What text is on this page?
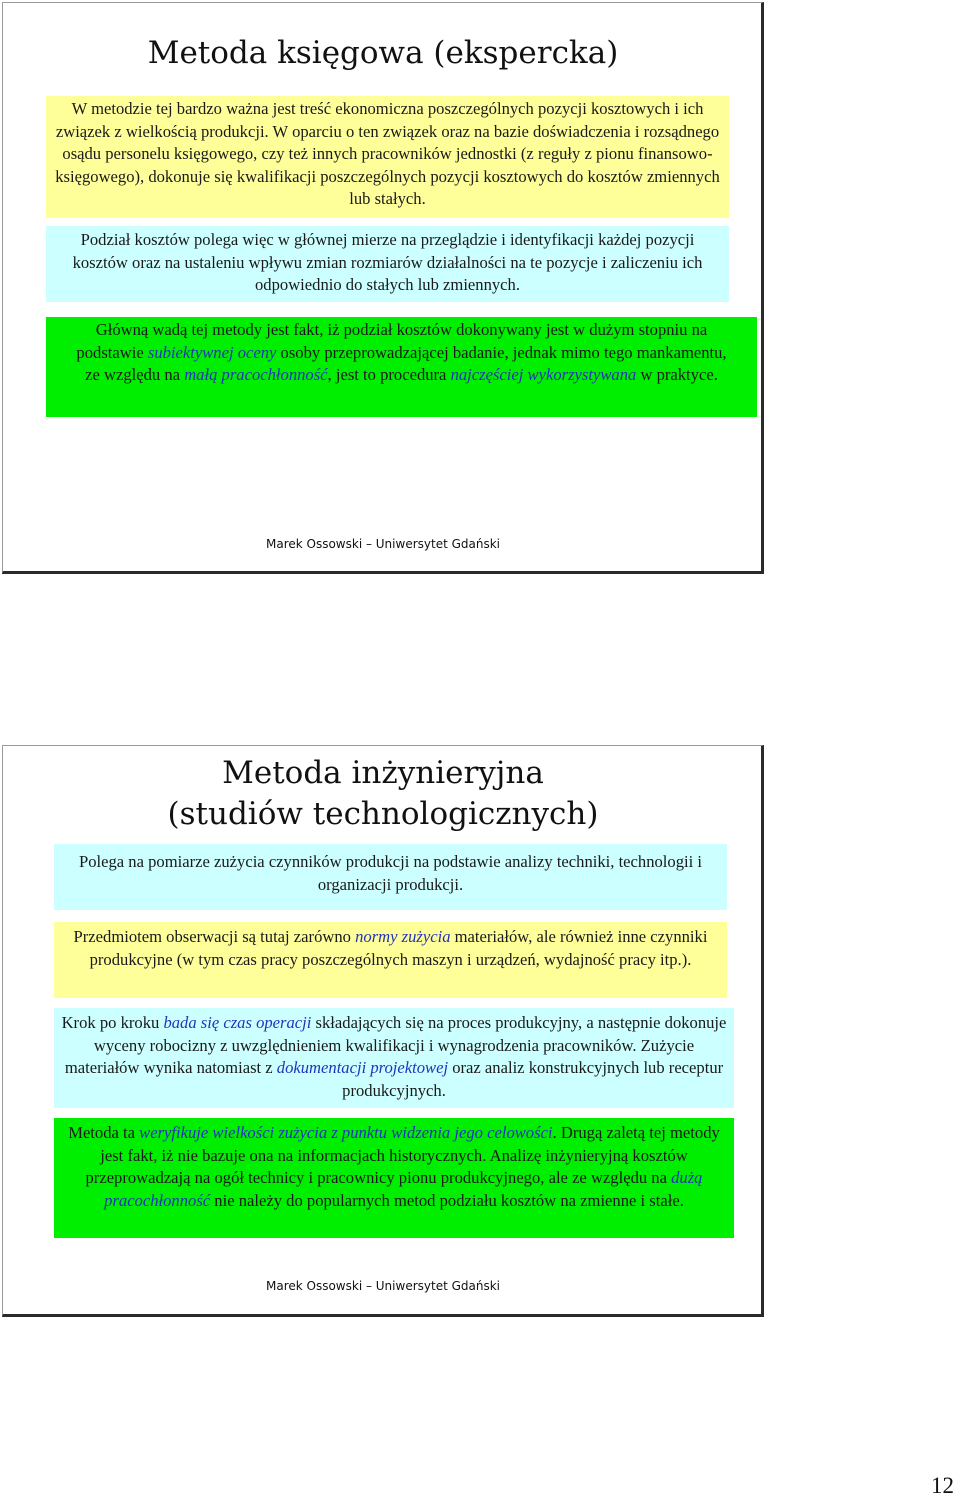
Metoda księgowa (ekspercka)

W metodzie tej bardzo ważna jest treść ekonomiczna poszczególnych pozycji kosztowych i ich związek z wielkością produkcji. W oparciu o ten związek oraz na bazie doświadczenia i rozsądnego osądu personelu księgowego, czy też innych pracowników jednostki (z reguły z pionu finansowo-księgowego), dokonuje się kwalifikacji poszczególnych pozycji kosztowych do kosztów zmiennych lub stałych.

Podział kosztów polega więc w głównej mierze na przeglądzie i identyfikacji każdej pozycji kosztów oraz na ustaleniu wpływu zmian rozmiarów działalności na te pozycje i zaliczeniu ich odpowiednio do stałych lub zmiennych.

Główną wadą tej metody jest fakt, iż podział kosztów dokonywany jest w dużym stopniu na podstawie subiektywnej oceny osoby przeprowadzającej badanie, jednak mimo tego mankamentu, ze względu na małą pracochłonność, jest to procedura najczęściej wykorzystywana w praktyce.

Marek Ossowski – Uniwersytet Gdański
Metoda inżynieryjna
(studiów technologicznych)

Polega na pomiarze zużycia czynników produkcji na podstawie analizy techniki, technologii i organizacji produkcji.

Przedmiotem obserwacji są tutaj zarówno normy zużycia materiałów, ale również inne czynniki produkcyjne (w tym czas pracy poszczególnych maszyn i urządzeń, wydajność pracy itp.).

Krok po kroku bada się czas operacji składających się na proces produkcyjny, a następnie dokonuje wyceny robocizny z uwzględnieniem kwalifikacji i wynagrodzenia pracowników. Zużycie materiałów wynika natomiast z dokumentacji projektowej oraz analiz konstrukcyjnych lub receptur produkcyjnych.

Metoda ta weryfikuje wielkości zużycia z punktu widzenia jego celowości. Drugą zaletą tej metody jest fakt, iż nie bazuje ona na informacjach historycznych. Analizę inżynieryjną kosztów przeprowadzają na ogół technicy i pracownicy pionu produkcyjnego, ale ze względu na dużą pracochłonność nie należy do popularnych metod podziału kosztów na zmienne i stałe.

Marek Ossowski – Uniwersytet Gdański
12
